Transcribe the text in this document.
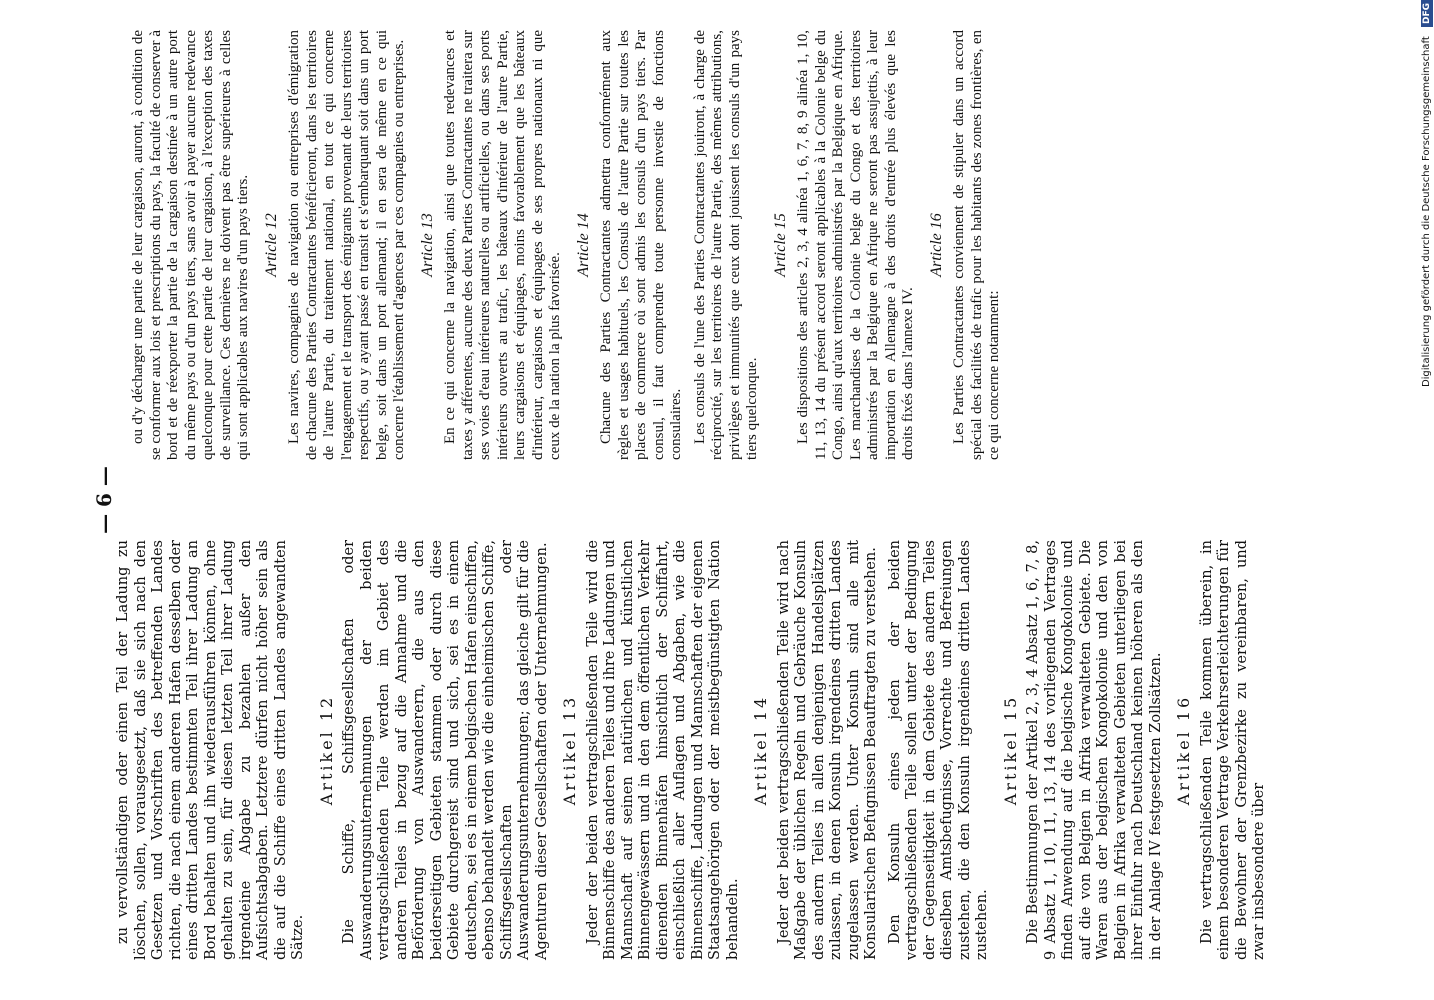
— 6 —

zu vervollständigen oder einen Teil der Ladung zu löschen, sollen, vorausgesetzt, daß sie sich nach den Gesetzen und Vorschriften des betreffenden Landes richten, die nach einem anderen Hafen desselben oder eines dritten Landes bestimmten Teil ihrer Ladung an Bord behalten und ihn wiederausführen können, ohne gehalten zu sein, für diesen letzten Teil ihrer Ladung irgendeine Abgabe zu bezahlen außer den Aufsichtsabgaben. Letztere dürfen nicht höher sein als die auf die Schiffe eines dritten Landes angewandten Sätze.

Artikel 12 Die Schiffe, Schiffsgesellschaften oder Auswanderungsunternehmungen der beiden vertragschließenden Teile werden im Gebiet des anderen Teiles in bezug auf die Annahme und die Beförderung von Auswanderern, die aus den beiderseitigen Gebieten stammen oder durch diese Gebiete durchgereist sind und sich, sei es in einem deutschen, sei es in einem belgischen Hafen einschiffen, ebenso behandelt werden wie die einheimischen Schiffe, Schiffsgesellschaften oder Auswanderungsunternehmungen; das gleiche gilt für die Agenturen dieser Gesellschaften oder Unternehmungen. Artikel 13 Jeder der beiden vertragschließenden Teile wird die Binnenschiffe des anderen Teiles und ihre Ladungen und Mannschaft auf seinen natürlichen und künstlichen Binnengewässern und in den dem öffentlichen Verkehr dienenden Binnenhäfen hinsichtlich der Schiffahrt, einschließlich aller Auflagen und Abgaben, wie die Binnenschiffe, Ladungen und Mannschaften der eigenen Staatsangehörigen oder der meistbegünstigten Nation behandeln.

Artikel 14 Jeder der beiden vertragschließenden Teile wird nach Maßgabe der üblichen Regeln und Gebräuche Konsuln des andern Teiles in allen denjenigen Handelsplätzen zulassen, in denen Konsuln irgendeines dritten Landes zugelassen werden. Unter Konsuln sind alle mit Konsularischen Befugnissen Beauftragten zu verstehen. Den Konsuln eines jeden der beiden vertragschließenden Teile sollen unter der Bedingung der Gegenseitigkeit in dem Gebiete des andern Teiles dieselben Amtsbefugnisse, Vorrechte und Befreiungen zustehen, die den Konsuln irgendeines dritten Landes zustehen.

Artikel 15 Die Bestimmungen der Artikel 2, 3, 4 Absatz 1, 6, 7, 8, 9 Absatz 1, 10, 11, 13, 14 des vorliegenden Vertrages finden Anwendung auf die belgische Kongokolonie und auf die von Belgien in Afrika verwalteten Gebiete. Die Waren aus der belgischen Kongokolonie und den von Belgien in Afrika verwalteten Gebieten unterliegen bei ihrer Einfuhr nach Deutschland keinen höheren als den in der Anlage IV festgesetzten Zollsätzen. Artikel 16 Die vertragschließenden Teile kommen überein, in einem besonderen Vertrage Verkehrserleichterungen für die Bewohner der Grenzbezirke zu vereinbaren, und zwar insbesondere über

ou d'y décharger une partie de leur cargaison, auront, à condition de se conformer aux lois et prescriptions du pays, la faculté de conserver à bord et de réexporter la partie de la cargaison destinée à un autre port du même pays ou d'un pays tiers, sans avoir à payer aucune redevance quelconque pour cette partie de leur cargaison, à l'exception des taxes de surveillance. Ces dernières ne doivent pas être supérieures à celles qui sont applicables aux navires d'un pays tiers. Article 12 Les navires, compagnies de navigation ou entreprises d'émigration de chacune des Parties Contractantes bénéficieront, dans les territoires de l'autre Partie, du traitement national, en tout ce qui concerne l'engagement et le transport des émigrants provenant de leurs territoires respectifs, ou y ayant passé en transit et s'embarquant soit dans un port belge, soit dans un port allemand; il en sera de même en ce qui concerne l'établissement d'agences par ces compagnies ou entreprises. Article 13 En ce qui concerne la navigation, ainsi que toutes redevances et taxes y afférentes, aucune des deux Parties Contractantes ne traitera sur ses voies d'eau intérieures naturelles ou artificielles, ou dans ses ports intérieurs ouverts au trafic, les bâteaux d'intérieur de l'autre Partie, leurs cargaisons et équipages, moins favorablement que les bâteaux d'intérieur, cargaisons et équipages de ses propres nationaux ni que ceux de la nation la plus favorisée.

Article 14 Chacune des Parties Contractantes admettra conformément aux règles et usages habituels, les Consuls de l'autre Partie sur toutes les places de commerce où sont admis les consuls d'un pays tiers. Par consul, il faut comprendre toute personne investie de fonctions consulaires. Les consuls de l'une des Parties Contractantes jouiront, à charge de réciprocité, sur les territoires de l'autre Partie, des mêmes attributions, privilèges et immunités que ceux dont jouissent les consuls d'un pays tiers quelconque.

Article 15 Les dispositions des articles 2, 3, 4 alinéa 1, 6, 7, 8, 9 alinéa 1, 10, 11, 13, 14 du présent accord seront applicables à la Colonie belge du Congo, ainsi qu'aux territoires administrés par la Belgique en Afrique. Les marchandises de la Colonie belge du Congo et des territoires administrés par la Belgique en Afrique ne seront pas assujettis, à leur importation en Allemagne à des droits d'entrée plus élevés que les droits fixés dans l'annexe IV.

Article 16 Les Parties Contractantes conviennent de stipuler dans un accord spécial des facilités de trafic pour les habitants des zones frontières, en ce qui concerne notamment:	Digitalisierung gefördert durch die Deutsche Forschungsgemeinschaft DFG
